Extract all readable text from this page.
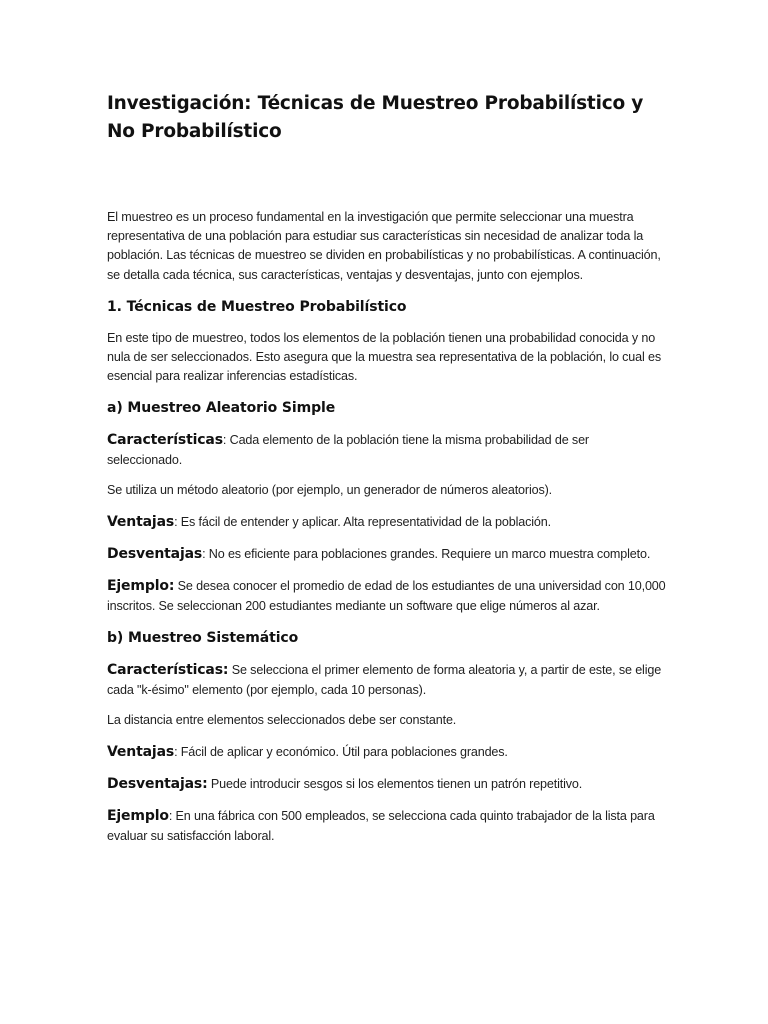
Investigación: Técnicas de Muestreo Probabilístico y No Probabilístico

El muestreo es un proceso fundamental en la investigación que permite seleccionar una muestra representativa de una población para estudiar sus características sin necesidad de analizar toda la población. Las técnicas de muestreo se dividen en probabilísticas y no probabilísticas. A continuación, se detalla cada técnica, sus características, ventajas y desventajas, junto con ejemplos.

1. Técnicas de Muestreo Probabilístico

En este tipo de muestreo, todos los elementos de la población tienen una probabilidad conocida y no nula de ser seleccionados. Esto asegura que la muestra sea representativa de la población, lo cual es esencial para realizar inferencias estadísticas.

a) Muestreo Aleatorio Simple

Características: Cada elemento de la población tiene la misma probabilidad de ser seleccionado.

Se utiliza un método aleatorio (por ejemplo, un generador de números aleatorios).

Ventajas: Es fácil de entender y aplicar. Alta representatividad de la población.

Desventajas: No es eficiente para poblaciones grandes. Requiere un marco muestra completo.

Ejemplo: Se desea conocer el promedio de edad de los estudiantes de una universidad con 10,000 inscritos. Se seleccionan 200 estudiantes mediante un software que elige números al azar.

b) Muestreo Sistemático

Características: Se selecciona el primer elemento de forma aleatoria y, a partir de este, se elige cada "k-ésimo" elemento (por ejemplo, cada 10 personas).

La distancia entre elementos seleccionados debe ser constante.

Ventajas: Fácil de aplicar y económico. Útil para poblaciones grandes.

Desventajas: Puede introducir sesgos si los elementos tienen un patrón repetitivo.

Ejemplo: En una fábrica con 500 empleados, se selecciona cada quinto trabajador de la lista para evaluar su satisfacción laboral.
